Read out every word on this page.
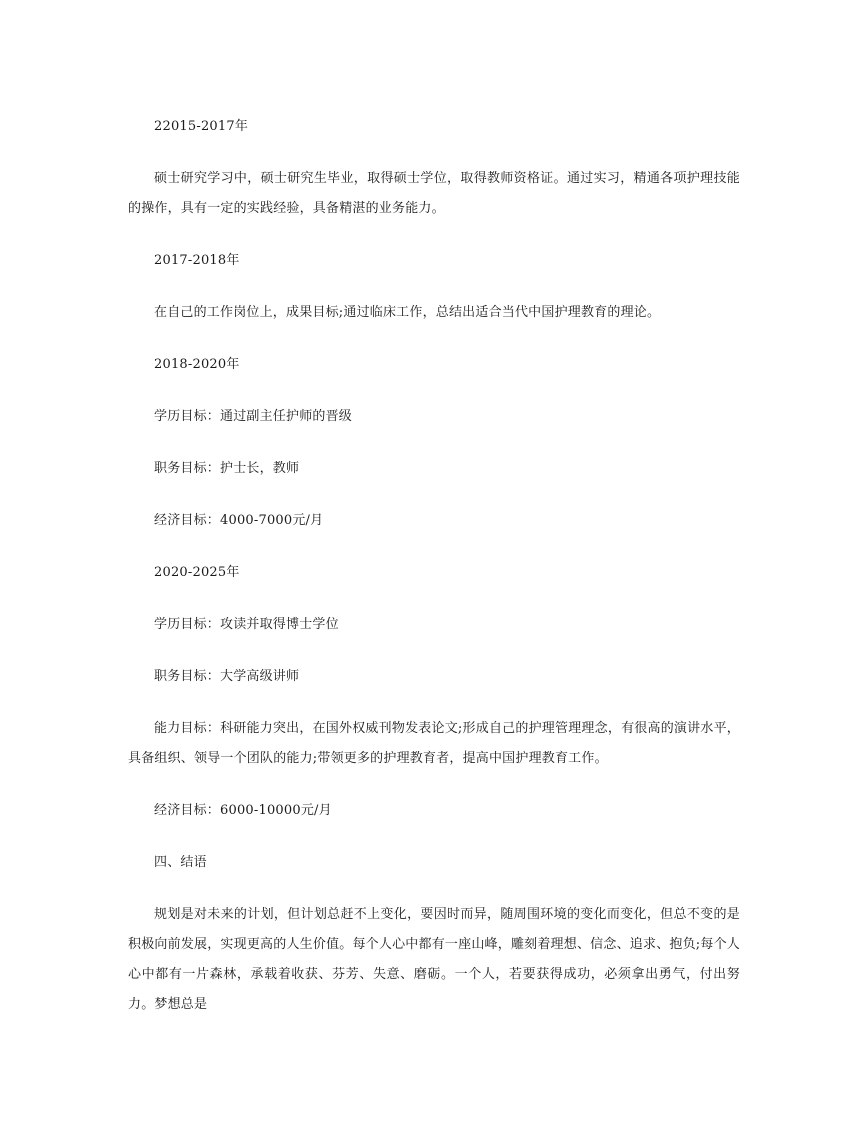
22015-2017年

硕士研究学习中，硕士研究生毕业，取得硕士学位，取得教师资格证。通过实习，精通各项护理技能的操作，具有一定的实践经验，具备精湛的业务能力。

2017-2018年

在自己的工作岗位上，成果目标;通过临床工作，总结出适合当代中国护理教育的理论。

2018-2020年

学历目标：通过副主任护师的晋级

职务目标：护士长，教师

经济目标：4000-7000元/月

2020-2025年

学历目标：攻读并取得博士学位

职务目标：大学高级讲师

能力目标：科研能力突出，在国外权威刊物发表论文;形成自己的护理管理理念，有很高的演讲水平，具备组织、领导一个团队的能力;带领更多的护理教育者，提高中国护理教育工作。

经济目标：6000-10000元/月

四、结语

规划是对未来的计划，但计划总赶不上变化，要因时而异，随周围环境的变化而变化，但总不变的是积极向前发展，实现更高的人生价值。每个人心中都有一座山峰，雕刻着理想、信念、追求、抱负;每个人心中都有一片森林，承载着收获、芬芳、失意、磨砺。一个人，若要获得成功，必须拿出勇气，付出努力。梦想总是
